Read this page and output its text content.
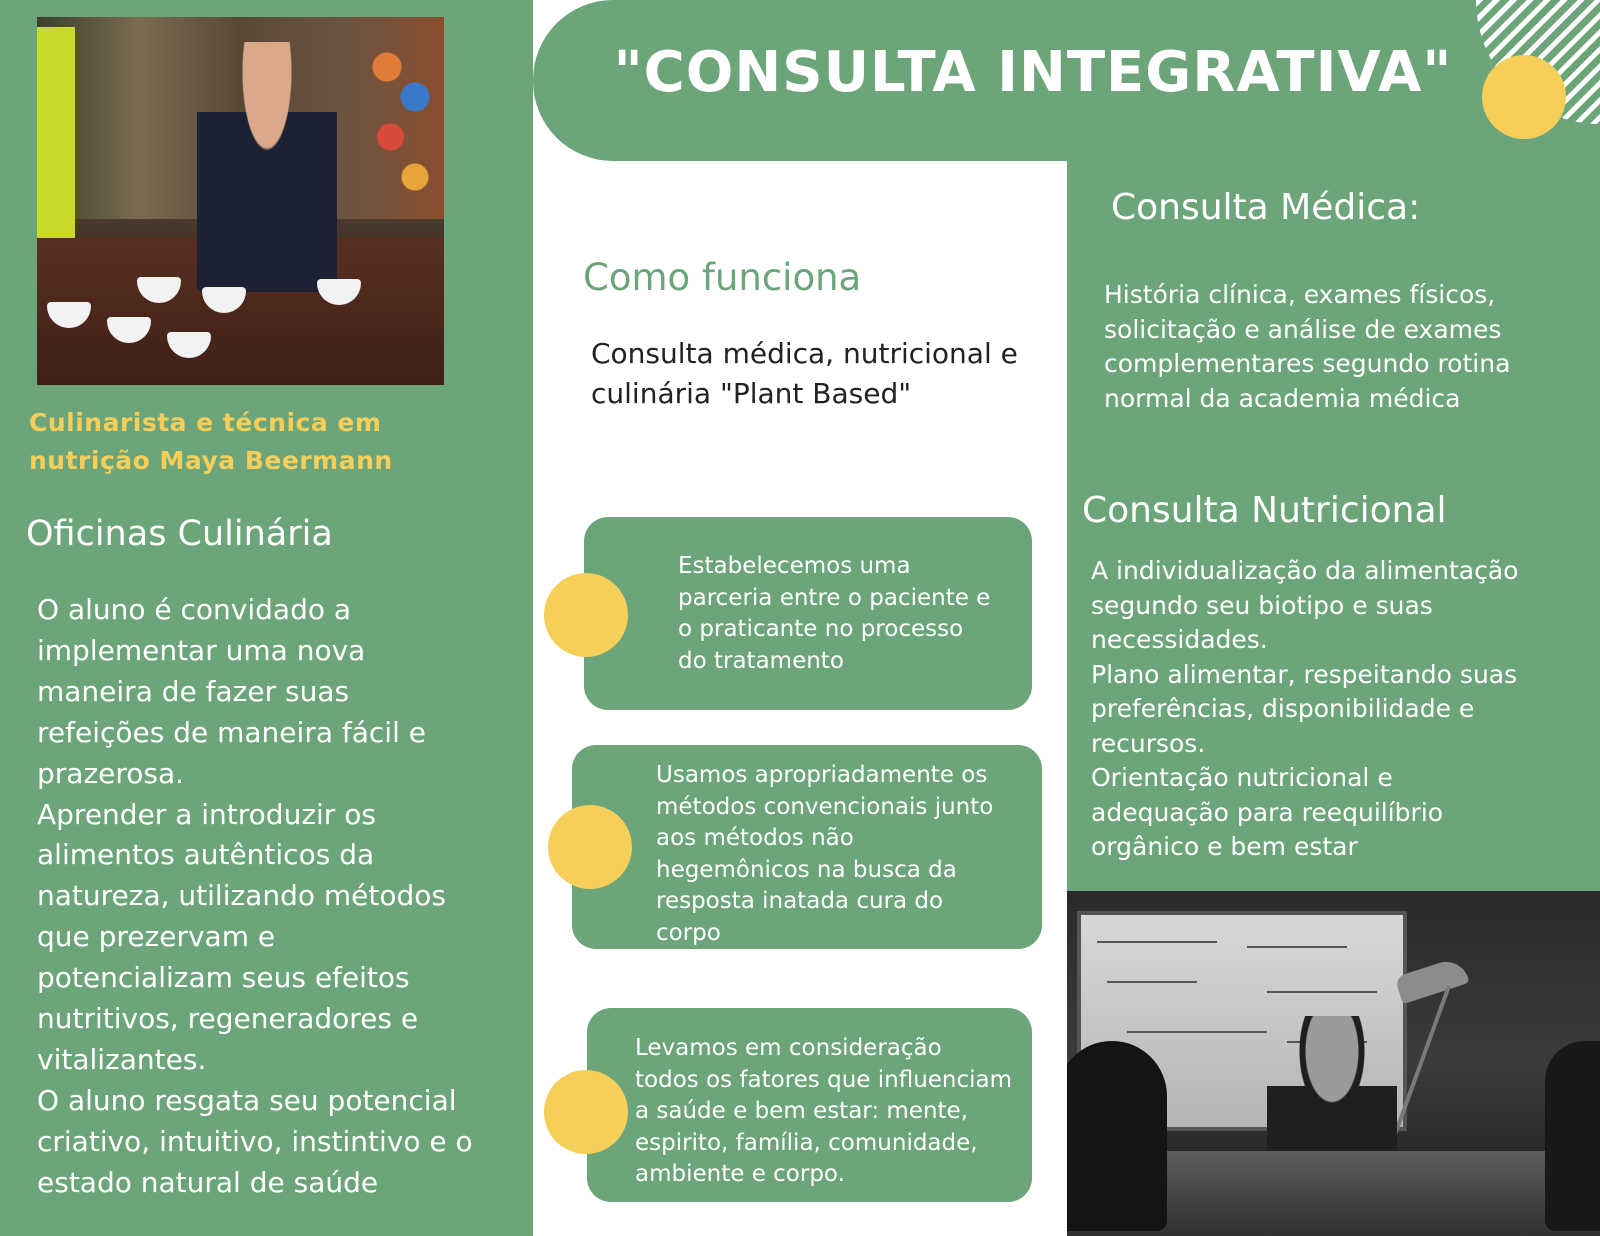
Culinarista e técnica em nutrição Maya Beermann
Oficinas Culinária
O aluno é convidado a
implementar uma nova
maneira de fazer suas
refeições de maneira fácil e
prazerosa.
Aprender a introduzir os
alimentos autênticos da
natureza, utilizando métodos
que prezervam e
potencializam seus efeitos
nutritivos, regeneradores e
vitalizantes.
O aluno resgata seu potencial
criativo, intuitivo, instintivo e o
estado natural de saúde
"CONSULTA INTEGRATIVA"
Como funciona
Consulta médica, nutricional e culinária "Plant Based"
Estabelecemos uma
parceria entre o paciente e
o praticante no processo
do tratamento
Usamos apropriadamente os
métodos convencionais junto
aos métodos não
hegemônicos na busca da
resposta inatada cura do
corpo
Levamos em consideração
todos os fatores que influenciam
a saúde e bem estar: mente,
espirito, família, comunidade,
ambiente e corpo.
Consulta Médica:
História clínica, exames físicos,
solicitação e análise de exames
complementares segundo rotina
normal da academia médica
Consulta Nutricional
A individualização da alimentação
segundo seu biotipo e suas
necessidades.
Plano alimentar, respeitando suas
preferências, disponibilidade e
recursos.
Orientação nutricional e
adequação para reequilíbrio
orgânico e bem estar
